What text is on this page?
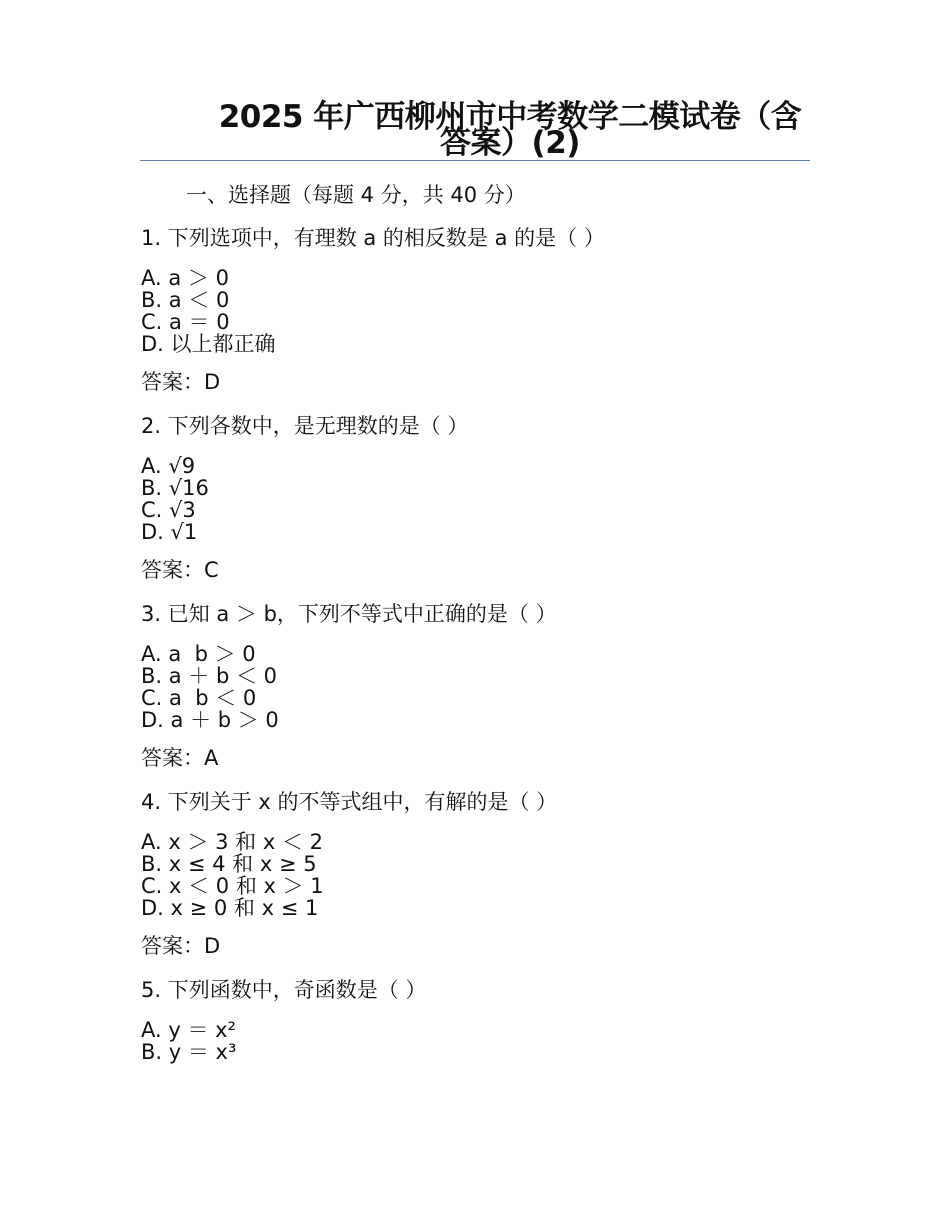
2025 年广西柳州市中考数学二模试卷（含答案）(2)
一、选择题（每题 4 分，共 40 分）
1. 下列选项中，有理数 a 的相反数是 a 的是（ ）
A. a ＞ 0
B. a ＜ 0
C. a ＝ 0
D. 以上都正确
答案：D
2. 下列各数中，是无理数的是（ ）
A. √9
B. √16
C. √3
D. √1
答案：C
3. 已知 a ＞ b，下列不等式中正确的是（ ）
A. a  b ＞ 0
B. a ＋ b ＜ 0
C. a  b ＜ 0
D. a ＋ b ＞ 0
答案：A
4. 下列关于 x 的不等式组中，有解的是（ ）
A. x ＞ 3 和 x ＜ 2
B. x ≤ 4 和 x ≥ 5
C. x ＜ 0 和 x ＞ 1
D. x ≥ 0 和 x ≤ 1
答案：D
5. 下列函数中，奇函数是（ ）
A. y ＝ x²
B. y ＝ x³
